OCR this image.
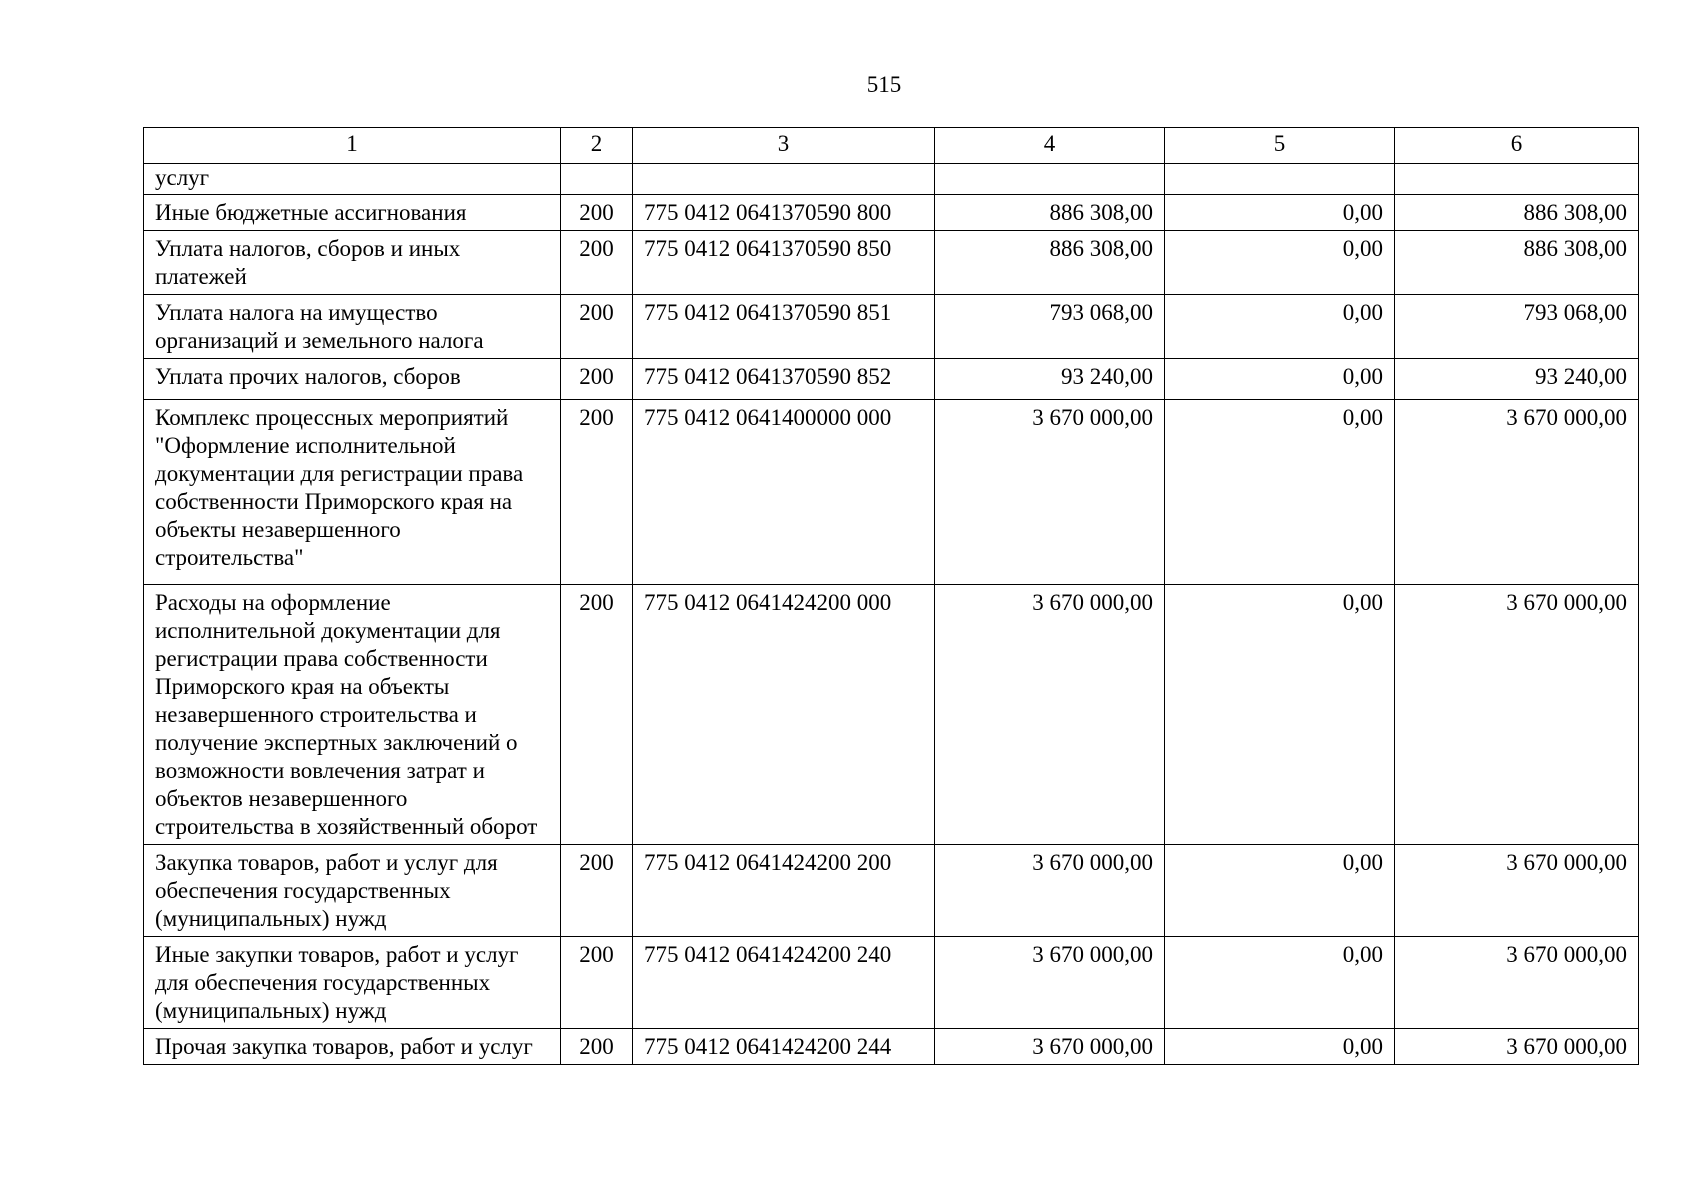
515
1	2	3	4	5	6
услуг					
Иные бюджетные ассигнования	200	775 0412 0641370590 800	886 308,00	0,00	886 308,00
Уплата налогов, сборов и иных платежей	200	775 0412 0641370590 850	886 308,00	0,00	886 308,00
Уплата налога на имущество организаций и земельного налога	200	775 0412 0641370590 851	793 068,00	0,00	793 068,00
Уплата прочих налогов, сборов	200	775 0412 0641370590 852	93 240,00	0,00	93 240,00
Комплекс процессных мероприятий "Оформление исполнительной документации для регистрации права собственности Приморского края на объекты незавершенного строительства"	200	775 0412 0641400000 000	3 670 000,00	0,00	3 670 000,00
Расходы на оформление исполнительной документации для регистрации права собственности Приморского края на объекты незавершенного строительства и получение экспертных заключений о возможности вовлечения затрат и объектов незавершенного строительства в хозяйственный оборот	200	775 0412 0641424200 000	3 670 000,00	0,00	3 670 000,00
Закупка товаров, работ и услуг для обеспечения государственных (муниципальных) нужд	200	775 0412 0641424200 200	3 670 000,00	0,00	3 670 000,00
Иные закупки товаров, работ и услуг для обеспечения государственных (муниципальных) нужд	200	775 0412 0641424200 240	3 670 000,00	0,00	3 670 000,00
Прочая закупка товаров, работ и услуг	200	775 0412 0641424200 244	3 670 000,00	0,00	3 670 000,00
